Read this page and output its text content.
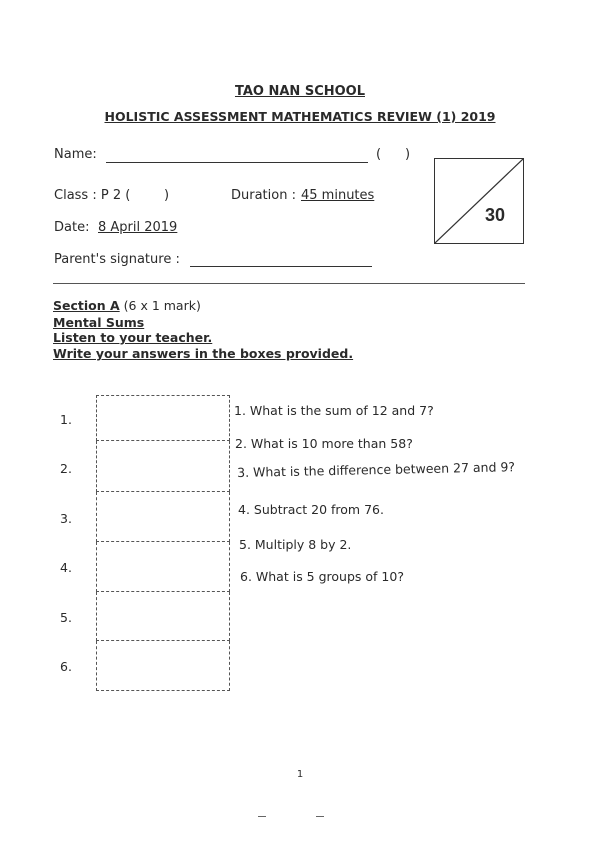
TAO NAN SCHOOL
HOLISTIC ASSESSMENT MATHEMATICS REVIEW (1) 2019
Name:	( )
Class : P 2 (	)	Duration : 45 minutes
Date: 8 April 2019
Parent's signature :
30
Section A (6 x 1 mark)
Mental Sums
Listen to your teacher.
Write your answers in the boxes provided.
1.
2.
3.
4.
5.
6.
1. What is the sum of 12 and 7?
2. What is 10 more than 58?
3. What is the difference between 27 and 9?
4. Subtract 20 from 76.
5. Multiply 8 by 2.
6. What is 5 groups of 10?
1
